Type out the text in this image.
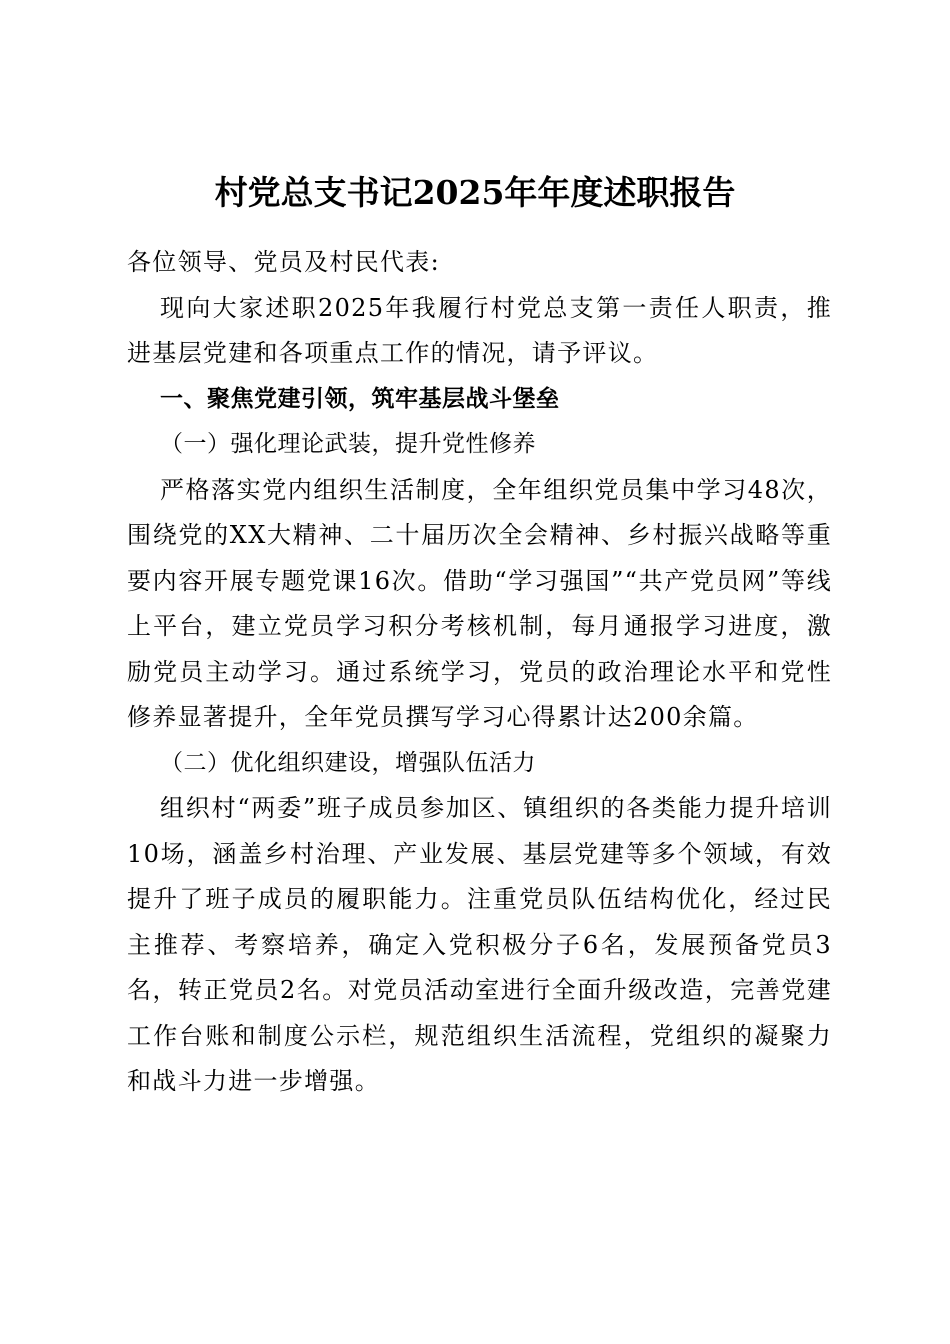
村党总支书记2025年年度述职报告

各位领导、党员及村民代表:

现向大家述职2025年我履行村党总支第一责任人职责，推进基层党建和各项重点工作的情况，请予评议。

一、聚焦党建引领，筑牢基层战斗堡垒

（一）强化理论武装，提升党性修养

严格落实党内组织生活制度，全年组织党员集中学习48次，围绕党的XX大精神、二十届历次全会精神、乡村振兴战略等重要内容开展专题党课16次。借助“学习强国”“共产党员网”等线上平台，建立党员学习积分考核机制，每月通报学习进度，激励党员主动学习。通过系统学习，党员的政治理论水平和党性修养显著提升，全年党员撰写学习心得累计达200余篇。

（二）优化组织建设，增强队伍活力

组织村“两委”班子成员参加区、镇组织的各类能力提升培训10场，涵盖乡村治理、产业发展、基层党建等多个领域，有效提升了班子成员的履职能力。注重党员队伍结构优化，经过民主推荐、考察培养，确定入党积极分子6名，发展预备党员3名，转正党员2名。对党员活动室进行全面升级改造，完善党建工作台账和制度公示栏，规范组织生活流程，党组织的凝聚力和战斗力进一步增强。
